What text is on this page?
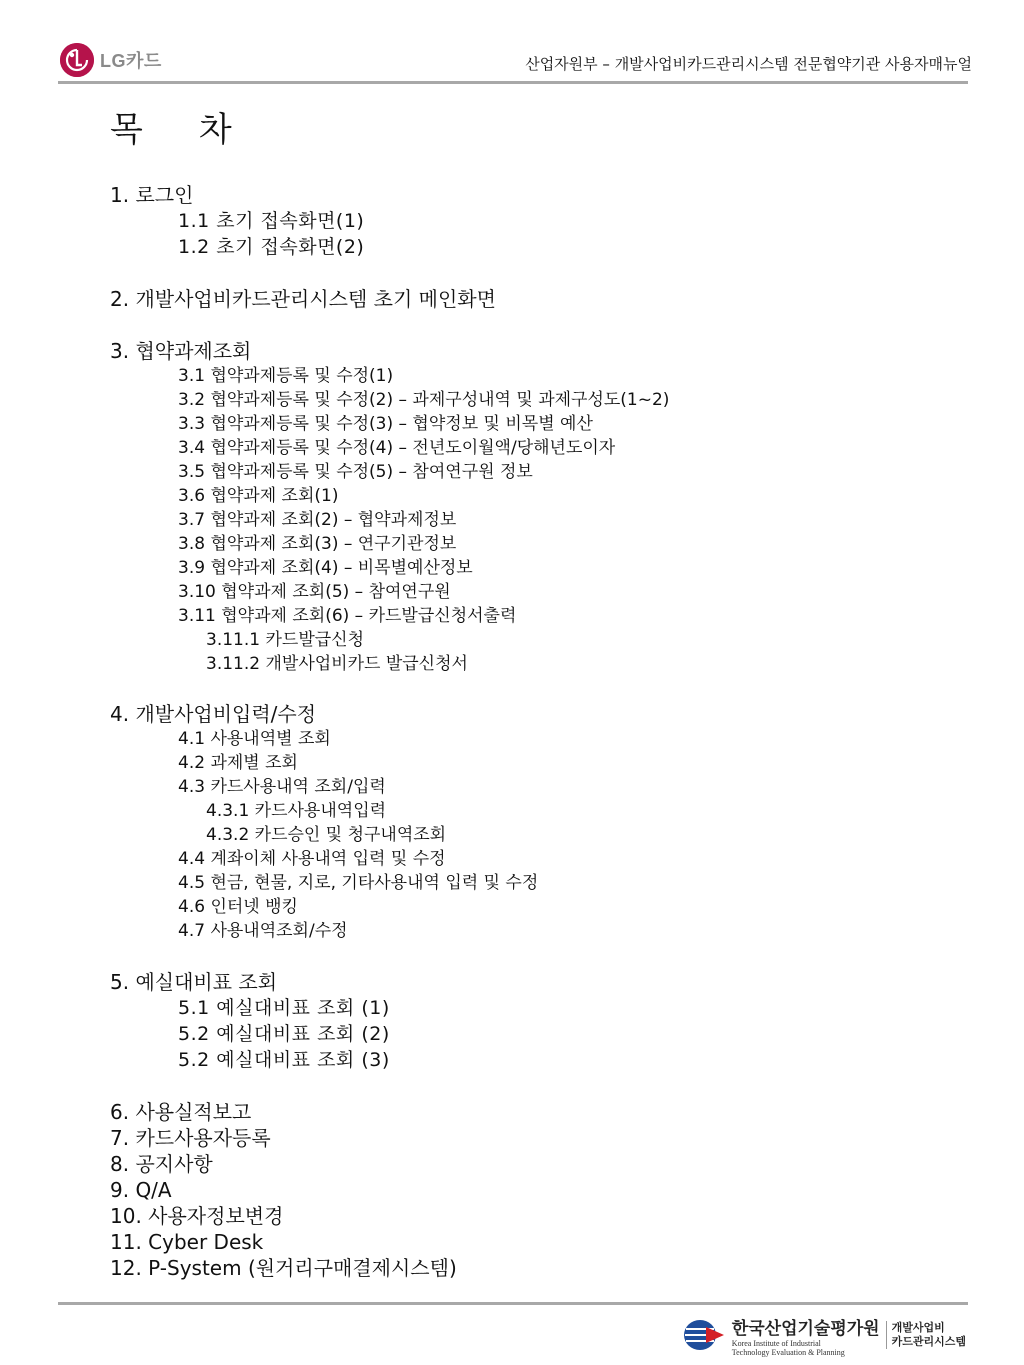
LG카드	산업자원부 – 개발사업비카드관리시스템 전문협약기관 사용자매뉴얼
목 차
1. 로그인
1.1 초기 접속화면(1)
1.2 초기 접속화면(2)
2. 개발사업비카드관리시스템 초기 메인화면
3. 협약과제조회
3.1 협약과제등록 및 수정(1)
3.2 협약과제등록 및 수정(2) – 과제구성내역 및 과제구성도(1~2)
3.3 협약과제등록 및 수정(3) – 협약정보 및 비목별 예산
3.4 협약과제등록 및 수정(4) – 전년도이월액/당해년도이자
3.5 협약과제등록 및 수정(5) – 참여연구원 정보
3.6 협약과제 조회(1)
3.7 협약과제 조회(2) – 협약과제정보
3.8 협약과제 조회(3) – 연구기관정보
3.9 협약과제 조회(4) – 비목별예산정보
3.10 협약과제 조회(5) – 참여연구원
3.11 협약과제 조회(6) – 카드발급신청서출력
3.11.1 카드발급신청
3.11.2 개발사업비카드 발급신청서
4. 개발사업비입력/수정
4.1 사용내역별 조회
4.2 과제별 조회
4.3 카드사용내역 조회/입력
4.3.1 카드사용내역입력
4.3.2 카드승인 및 청구내역조회
4.4 계좌이체 사용내역 입력 및 수정
4.5 현금, 현물, 지로, 기타사용내역 입력 및 수정
4.6 인터넷 뱅킹
4.7 사용내역조회/수정
5. 예실대비표 조회
5.1 예실대비표 조회 (1)
5.2 예실대비표 조회 (2)
5.2 예실대비표 조회 (3)
6. 사용실적보고
7. 카드사용자등록
8. 공지사항
9. Q/A
10. 사용자정보변경
11. Cyber Desk
12. P-System (원거리구매결제시스템)
한국산업기술평가원
Korea Institute of Industrial
Technology Evaluation & Planning
개발사업비
카드관리시스템
